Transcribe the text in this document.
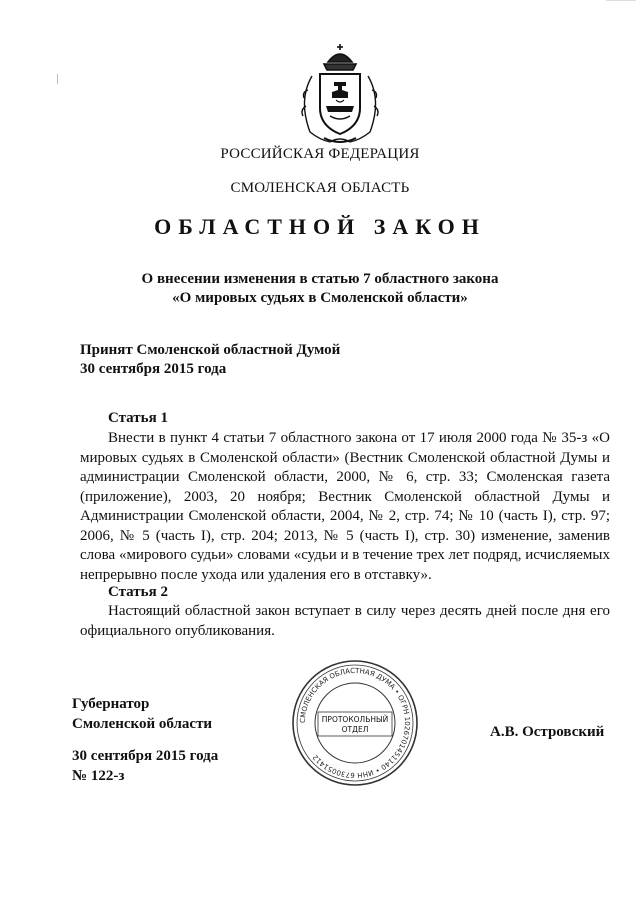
РОССИЙСКАЯ ФЕДЕРАЦИЯ
СМОЛЕНСКАЯ ОБЛАСТЬ
ОБЛАСТНОЙ ЗАКОН
О внесении изменения в статью 7 областного закона
«О мировых судьях в Смоленской области»
Принят Смоленской областной Думой
30 сентября 2015 года
Статья 1
Внести в пункт 4 статьи 7 областного закона от 17 июля 2000 года № 35-з «О мировых судьях в Смоленской области» (Вестник Смоленской областной Думы и администрации Смоленской области, 2000, № 6, стр. 33; Смоленская газета (приложение), 2003, 20 ноября; Вестник Смоленской областной Думы и Администрации Смоленской области, 2004, № 2, стр. 74; № 10 (часть I), стр. 97; 2006, № 5 (часть I), стр. 204; 2013, № 5 (часть I), стр. 30) изменение, заменив слова «мирового судьи» словами «судьи и в течение трех лет подряд, исчисляемых непрерывно после ухода или удаления его в отставку».
Статья 2
Настоящий областной закон вступает в силу через десять дней после дня его официального опубликования.
Губернатор
Смоленской области
30 сентября 2015 года
№ 122-з
А.В. Островский
СМОЛЕНСКАЯ ОБЛАСТНАЯ ДУМА • ОГРН 1026701451140 • ИНН 6730051412
ПРОТОКОЛЬНЫЙ
ОТДЕЛ
